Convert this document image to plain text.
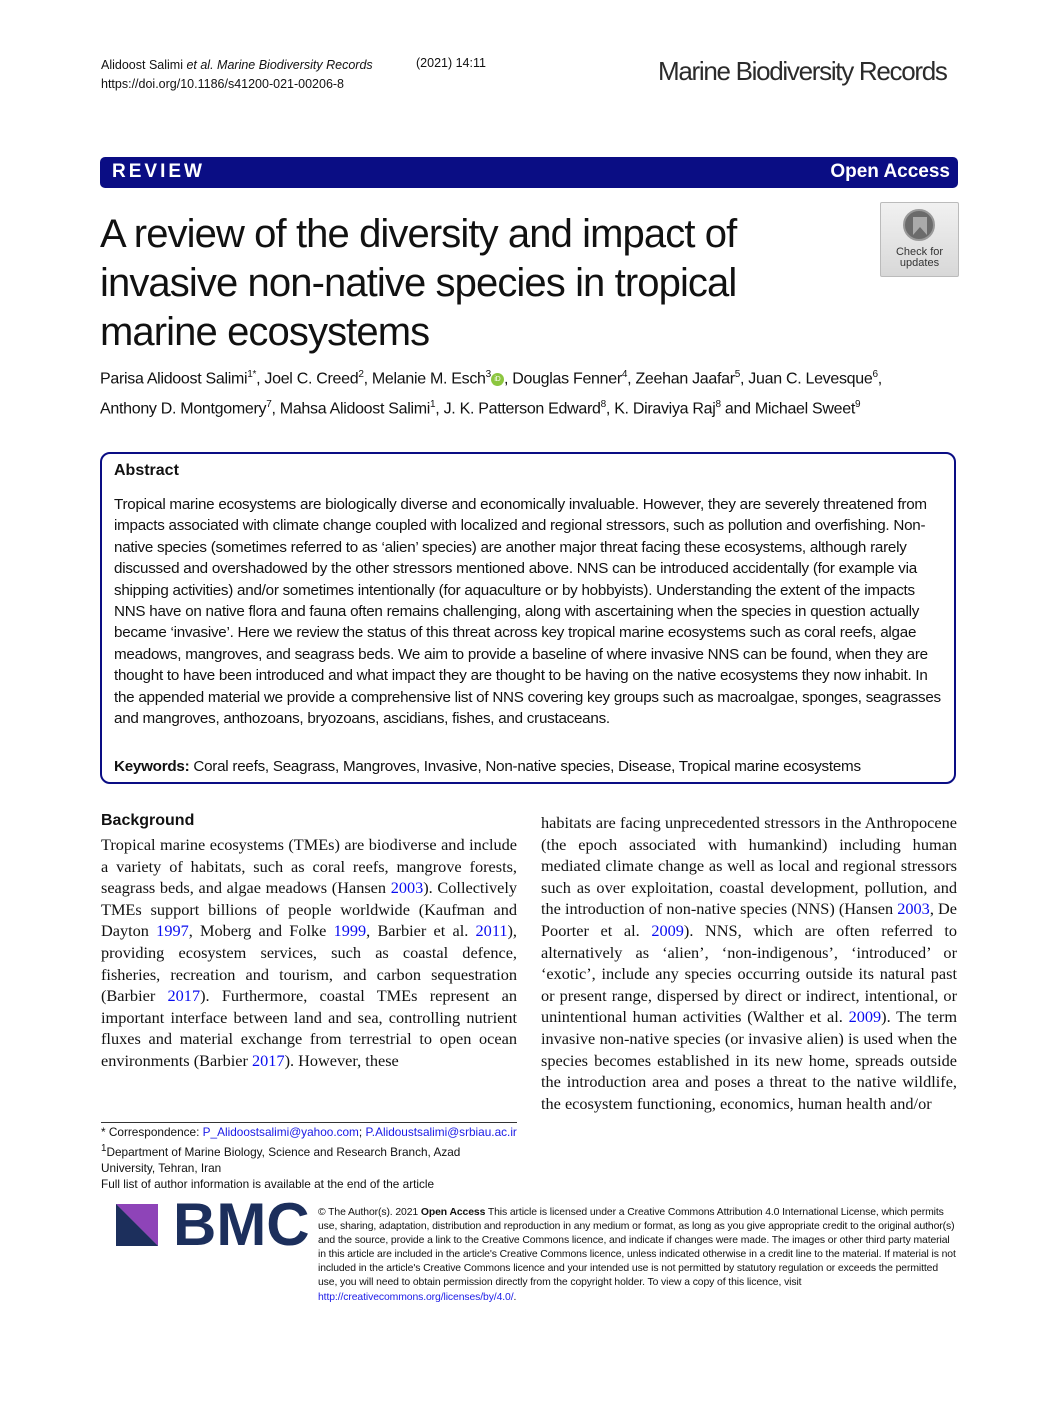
Alidoost Salimi et al. Marine Biodiversity Records
https://doi.org/10.1186/s41200-021-00206-8
(2021) 14:11	Marine Biodiversity Records
REVIEW	Open Access
A review of the diversity and impact of
invasive non-native species in tropical
marine ecosystems
Check for
updates
Parisa Alidoost Salimi$^{1*}$, Joel C. Creed$^2$, Melanie M. Esch$^3$ iD , Douglas Fenner$^4$, Zeehan Jaafar$^5$, Juan C. Levesque$^6$,
Anthony D. Montgomery$^7$, Mahsa Alidoost Salimi$^1$, J. K. Patterson Edward$^8$, K. Diraviya Raj$^8$ and Michael Sweet$^9$
Abstract
Tropical marine ecosystems are biologically diverse and economically invaluable. However, they are severely threatened from impacts associated with climate change coupled with localized and regional stressors, such as pollution and overfishing. Non-native species (sometimes referred to as ‘alien’ species) are another major threat facing these ecosystems, although rarely discussed and overshadowed by the other stressors mentioned above. NNS can be introduced accidentally (for example via shipping activities) and/or sometimes intentionally (for aquaculture or by hobbyists). Understanding the extent of the impacts NNS have on native flora and fauna often remains challenging, along with ascertaining when the species in question actually became ‘invasive’. Here we review the status of this threat across key tropical marine ecosystems such as coral reefs, algae meadows, mangroves, and seagrass beds. We aim to provide a baseline of where invasive NNS can be found, when they are thought to have been introduced and what impact they are thought to be having on the native ecosystems they now inhabit. In the appended material we provide a comprehensive list of NNS covering key groups such as macroalgae, sponges, seagrasses and mangroves, anthozoans, bryozoans, ascidians, fishes, and crustaceans.
Keywords: Coral reefs, Seagrass, Mangroves, Invasive, Non-native species, Disease, Tropical marine ecosystems
Background
Tropical marine ecosystems (TMEs) are biodiverse and include a variety of habitats, such as coral reefs, mangrove forests, seagrass beds, and algae meadows (Hansen 2003). Collectively TMEs support billions of people worldwide (Kaufman and Dayton 1997, Moberg and Folke 1999, Barbier et al. 2011), providing ecosystem services, such as coastal defence, fisheries, recreation and tourism, and carbon sequestration (Barbier 2017). Furthermore, coastal TMEs represent an important interface between land and sea, controlling nutrient fluxes and material exchange from terrestrial to open ocean environments (Barbier 2017). However, these
habitats are facing unprecedented stressors in the Anthropocene (the epoch associated with humankind) including human mediated climate change as well as local and regional stressors such as over exploitation, coastal development, pollution, and the introduction of non-native species (NNS) (Hansen 2003, De Poorter et al. 2009). NNS, which are often referred to alternatively as ‘alien’, ‘non-indigenous’, ‘introduced’ or ‘exotic’, include any species occurring outside its natural past or present range, dispersed by direct or indirect, intentional, or unintentional human activities (Walther et al. 2009). The term invasive non-native species (or invasive alien) is used when the species becomes established in its new home, spreads outside the introduction area and poses a threat to the native wildlife, the ecosystem functioning, economics, human health and/or
* Correspondence: P_Alidoostsalimi@yahoo.com; P.Alidoustsalimi@srbiau.ac.ir
$^1$Department of Marine Biology, Science and Research Branch, Azad University, Tehran, Iran
Full list of author information is available at the end of the article
BMC © The Author(s). 2021 Open Access This article is licensed under a Creative Commons Attribution 4.0 International License, which permits use, sharing, adaptation, distribution and reproduction in any medium or format, as long as you give appropriate credit to the original author(s) and the source, provide a link to the Creative Commons licence, and indicate if changes were made. The images or other third party material in this article are included in the article's Creative Commons licence, unless indicated otherwise in a credit line to the material. If material is not included in the article's Creative Commons licence and your intended use is not permitted by statutory regulation or exceeds the permitted use, you will need to obtain permission directly from the copyright holder. To view a copy of this licence, visit http://creativecommons.org/licenses/by/4.0/.
